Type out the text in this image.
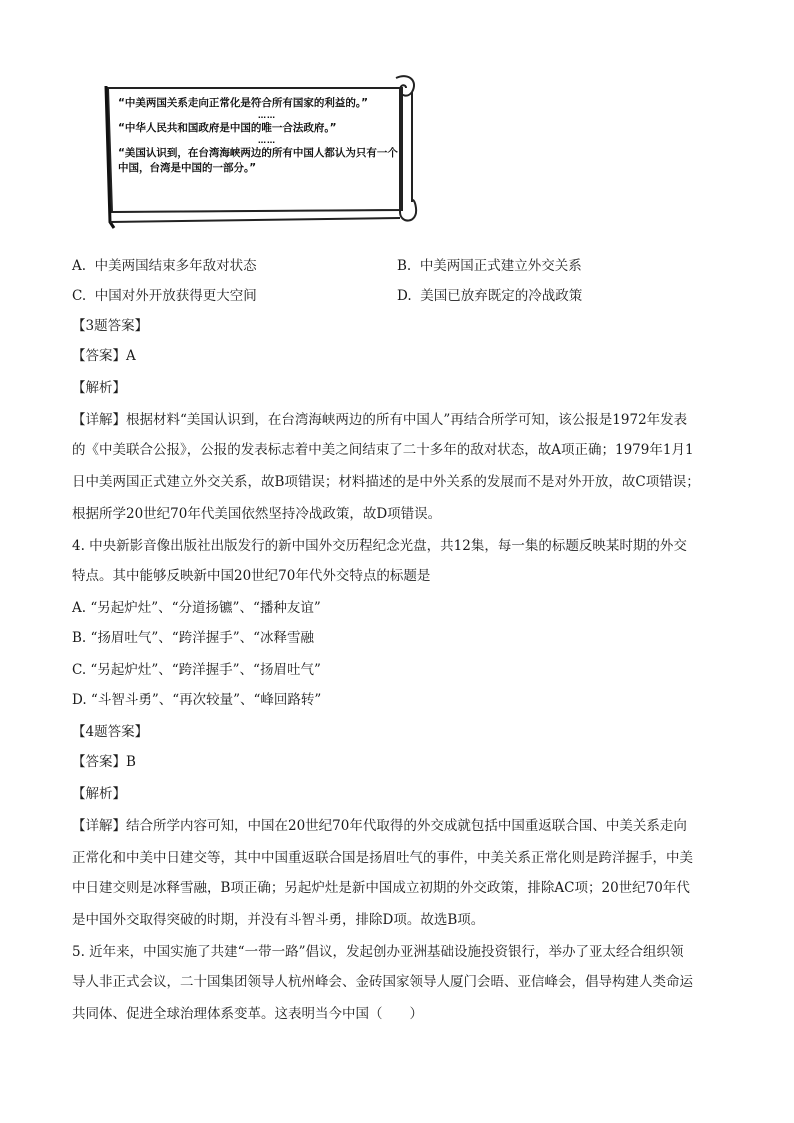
“中美两国关系走向正常化是符合所有国家的利益的。”
……
“中华人民共和国政府是中国的唯一合法政府。”
……
“美国认识到，在台湾海峡两边的所有中国人都认为只有一个中国，台湾是中国的一部分。”
A. 中美两国结束多年敌对状态	B. 中美两国正式建立外交关系
C. 中国对外开放获得更大空间	D. 美国已放弃既定的冷战政策
【3题答案】
【答案】A
【解析】
【详解】根据材料“美国认识到，在台湾海峡两边的所有中国人”再结合所学可知，该公报是1972年发表
的《中美联合公报》，公报的发表标志着中美之间结束了二十多年的敌对状态，故A项正确；1979年1月1
日中美两国正式建立外交关系，故B项错误；材料描述的是中外关系的发展而不是对外开放，故C项错误；
根据所学20世纪70年代美国依然坚持冷战政策，故D项错误。
4. 中央新影音像出版社出版发行的新中国外交历程纪念光盘，共12集，每一集的标题反映某时期的外交
特点。其中能够反映新中国20世纪70年代外交特点的标题是
A. “另起炉灶”、“分道扬镳”、“播种友谊”
B. “扬眉吐气”、“跨洋握手”、“冰释雪融
C. “另起炉灶”、“跨洋握手”、“扬眉吐气”
D. “斗智斗勇”、“再次较量”、“峰回路转”
【4题答案】
【答案】B
【解析】
【详解】结合所学内容可知，中国在20世纪70年代取得的外交成就包括中国重返联合国、中美关系走向
正常化和中美中日建交等，其中中国重返联合国是扬眉吐气的事件，中美关系正常化则是跨洋握手，中美
中日建交则是冰释雪融，B项正确；另起炉灶是新中国成立初期的外交政策，排除AC项；20世纪70年代
是中国外交取得突破的时期，并没有斗智斗勇，排除D项。故选B项。
5. 近年来，中国实施了共建“一带一路”倡议，发起创办亚洲基础设施投资银行，举办了亚太经合组织领
导人非正式会议，二十国集团领导人杭州峰会、金砖国家领导人厦门会晤、亚信峰会，倡导构建人类命运
共同体、促进全球治理体系变革。这表明当今中国（　　）
